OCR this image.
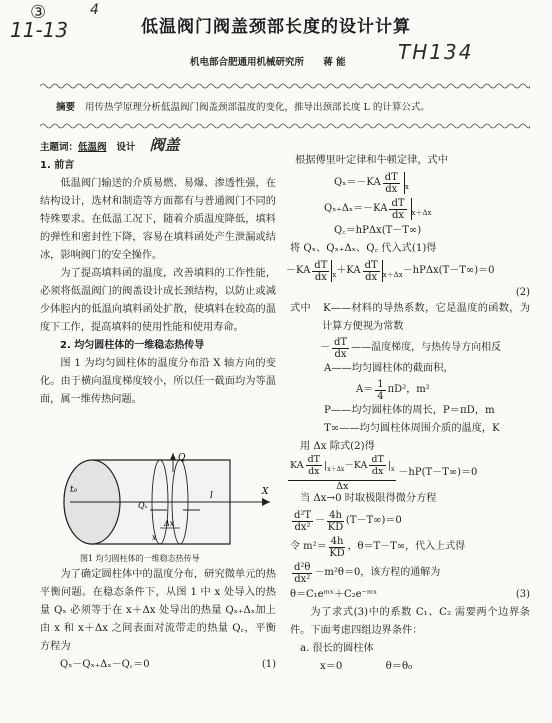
③	4
11-13
TH134
低温阀门阀盖颈部长度的设计计算
机电部合肥通用机械研究所 蒋 能
摘要 用传热学原理分析低温阀门阀盖颈部温度的变化，推导出颈部长度 L 的计算公式。

主题词：低温阀 设计 阀盖

1. 前言

低温阀门输送的介质易燃、易爆、渗透性强，在结构设计，选材和制造等方面都有与普通阀门不同的特殊要求。在低温工况下，随着介质温度降低，填料的弹性和密封性下降，容易在填料函处产生泄漏或结冰，影响阀门的安全操作。

为了提高填料函的温度，改善填料的工作性能，必须将低温阀门的阀盖设计成长颈结构，以防止或减少体腔内的低温向填料函处扩散，使填料在较高的温度下工作，提高填料的使用性能和使用寿命。

2. 均匀圆柱体的一维稳态热传导

图 1 为均匀圆柱体的温度分布沿 X 轴方向的变化。由于横向温度梯度较小，所以任一截面均为等温面，属一维传热问题。

Q
t₀
Qₓ
Δx
x
l	X
图1 均匀圆柱体的一维稳态热传导

为了确定圆柱体中的温度分布，研究微单元的热平衡问题。在稳态条件下，从图 1 中 x 处导入的热量 Qₓ 必须等于在 x＋Δx 处导出的热量 Qₓ₊Δₓ加上由 x 和 x＋Δx 之间表面对流带走的热量 Q꜀，平衡方程为

Qₓ－Qₓ₊Δₓ－Q꜀＝0	(1)

根据傅里叶定律和牛顿定律，式中

$Q_x=-KA \frac{dT}{dx} _x$
$Q_{x+}\Delta_x=-KA \frac{dT}{dx} _{x+\Delta x}$
Q꜀＝hPΔx(T－T∞)

将 Qₓ、Qₓ₊Δₓ、Q꜀ 代入式(1)得

$-KA \frac{dT}{dx} _x +KA \frac{dT}{dx} _{x+\Delta x} -hP\Delta x(T-T\infty)=0$
(2)

式中 K——材料的导热系数，它是温度的函数，为计算方便视为常数

－ $\frac{dT}{dx}$ ——温度梯度，与热传导方向相反

A——均匀圆柱体的截面积，

$A= \frac{1}{4} \pi D^2$，m²

P——均匀圆柱体的周长，P＝πD，m

T∞——均匀圆柱体周围介质的温度，K

用 Δx 除式(2)得

$\frac{KA \frac{dT}{dx} |_{x+\Delta x}-KA \frac{dT}{dx} |_x}{\Delta x} -hP(T-T\infty)=0$

当 Δx→0 时取极限得微分方程

$\frac{\text{d²T}}{\text{dx²}} - \frac{4h}{KD} (T-T\infty)=0$
令 $m^2= \frac{4h}{KD}$ ，θ＝T－T∞，代入上式得
$\frac{\text{d²θ}}{\text{dx²}} -m^2\theta=0$，该方程的通解为
θ＝C₁eᵐˣ＋C₂e⁻ᵐˣ	(3)

为了求式(3)中的系数 C₁、C₂ 需要两个边界条件。下面考虑四组边界条件：

a. 很长的圆柱体

x＝0	θ＝θ₀
